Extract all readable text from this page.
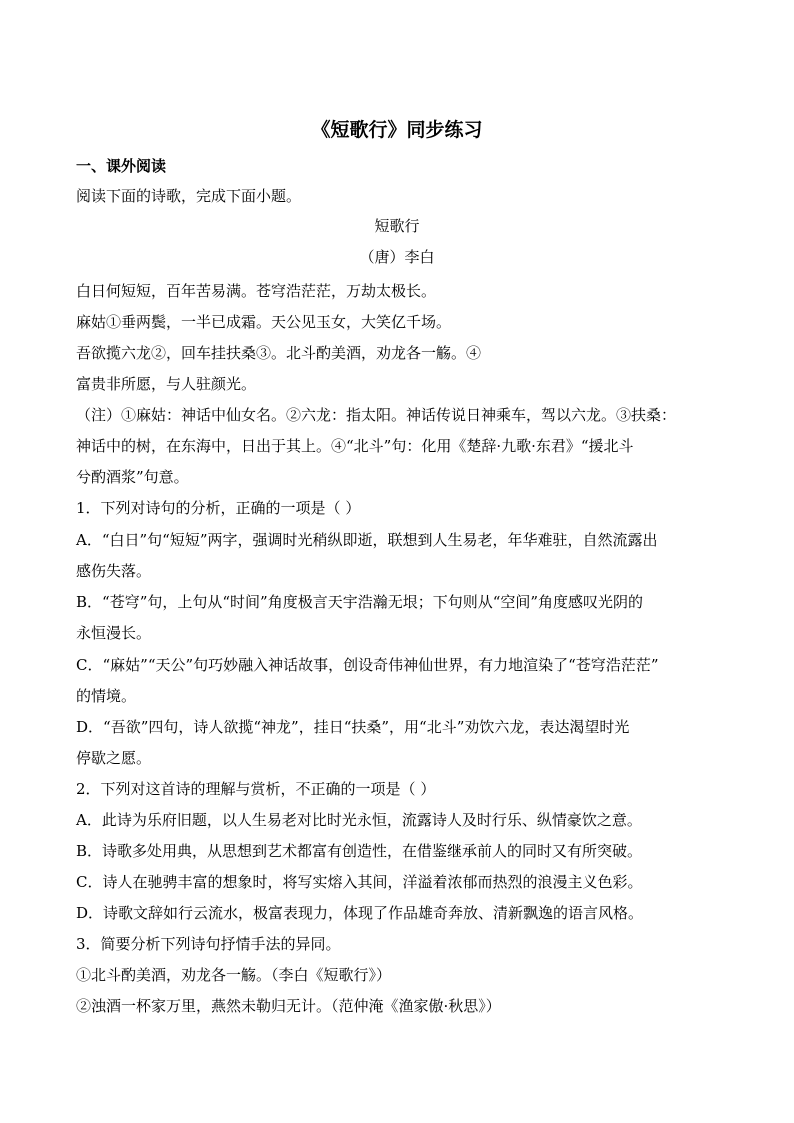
《短歌行》同步练习
一、课外阅读
阅读下面的诗歌，完成下面小题。
短歌行
（唐）李白
白日何短短，百年苦易满。苍穹浩茫茫，万劫太极长。
麻姑①垂两鬓，一半已成霜。天公见玉女，大笑亿千场。
吾欲揽六龙②，回车挂扶桑③。北斗酌美酒，劝龙各一觞。④
富贵非所愿，与人驻颜光。
（注）①麻姑：神话中仙女名。②六龙：指太阳。神话传说日神乘车，驾以六龙。③扶桑：
神话中的树，在东海中，日出于其上。④“北斗”句：化用《楚辞·九歌·东君》“援北斗
兮酌酒浆”句意。
1．下列对诗句的分析，正确的一项是（ ）
A．“白日”句“短短”两字，强调时光稍纵即逝，联想到人生易老，年华难驻，自然流露出
感伤失落。
B．“苍穹”句，上句从“时间”角度极言天宇浩瀚无垠；下句则从“空间”角度感叹光阴的
永恒漫长。
C．“麻姑”“天公”句巧妙融入神话故事，创设奇伟神仙世界，有力地渲染了“苍穹浩茫茫”
的情境。
D．“吾欲”四句，诗人欲揽“神龙”，挂日“扶桑”，用“北斗”劝饮六龙，表达渴望时光
停歇之愿。
2．下列对这首诗的理解与赏析，不正确的一项是（ ）
A．此诗为乐府旧题，以人生易老对比时光永恒，流露诗人及时行乐、纵情豪饮之意。
B．诗歌多处用典，从思想到艺术都富有创造性，在借鉴继承前人的同时又有所突破。
C．诗人在驰骋丰富的想象时，将写实熔入其间，洋溢着浓郁而热烈的浪漫主义色彩。
D．诗歌文辞如行云流水，极富表现力，体现了作品雄奇奔放、清新飘逸的语言风格。
3．简要分析下列诗句抒情手法的异同。
①北斗酌美酒，劝龙各一觞。（李白《短歌行》）
②浊酒一杯家万里，燕然未勒归无计。（范仲淹《渔家傲·秋思》）
